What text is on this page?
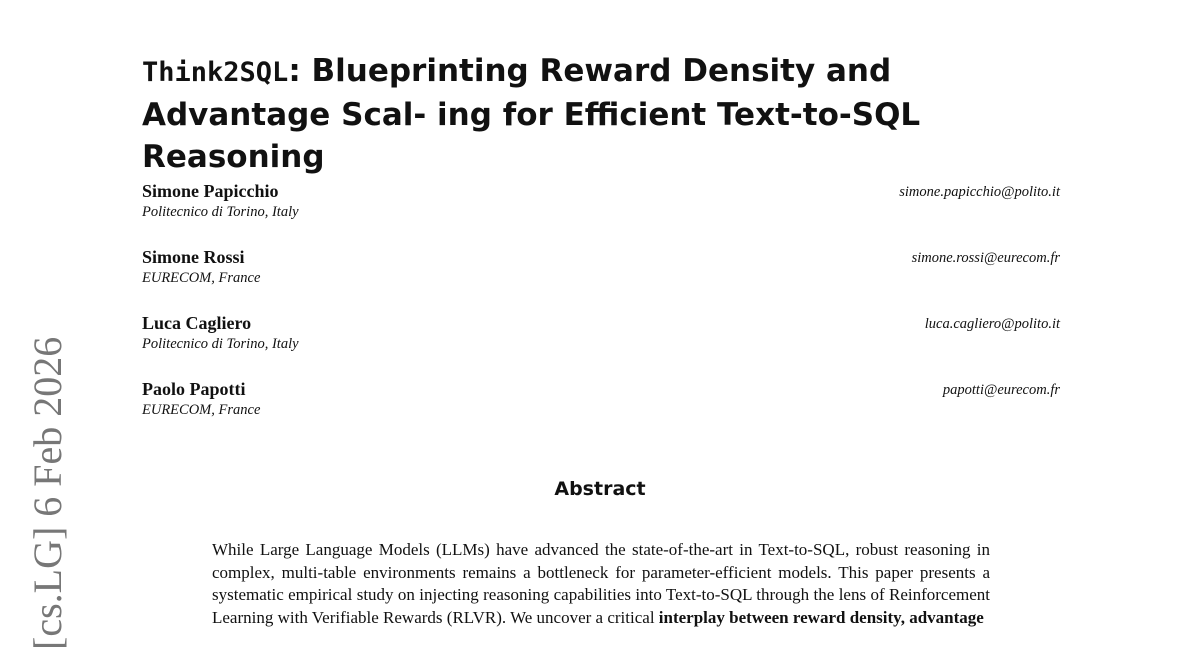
[cs.LG] 6 Feb 2026
Think2SQL: Blueprinting Reward Density and Advantage Scal- ing for Efficient Text-to-SQL Reasoning
Simone Papicchio
Politecnico di Torino, Italy
simone.papicchio@polito.it
Simone Rossi
EURECOM, France
simone.rossi@eurecom.fr
Luca Cagliero
Politecnico di Torino, Italy
luca.cagliero@polito.it
Paolo Papotti
EURECOM, France
papotti@eurecom.fr
Abstract

While Large Language Models (LLMs) have advanced the state-of-the-art in Text-to-SQL, robust reasoning in complex, multi-table environments remains a bottleneck for parameter-efficient models. This paper presents a systematic empirical study on injecting reasoning capabilities into Text-to-SQL through the lens of Reinforcement Learning with Verifiable Rewards (RLVR). We uncover a critical interplay between reward density, advantage
